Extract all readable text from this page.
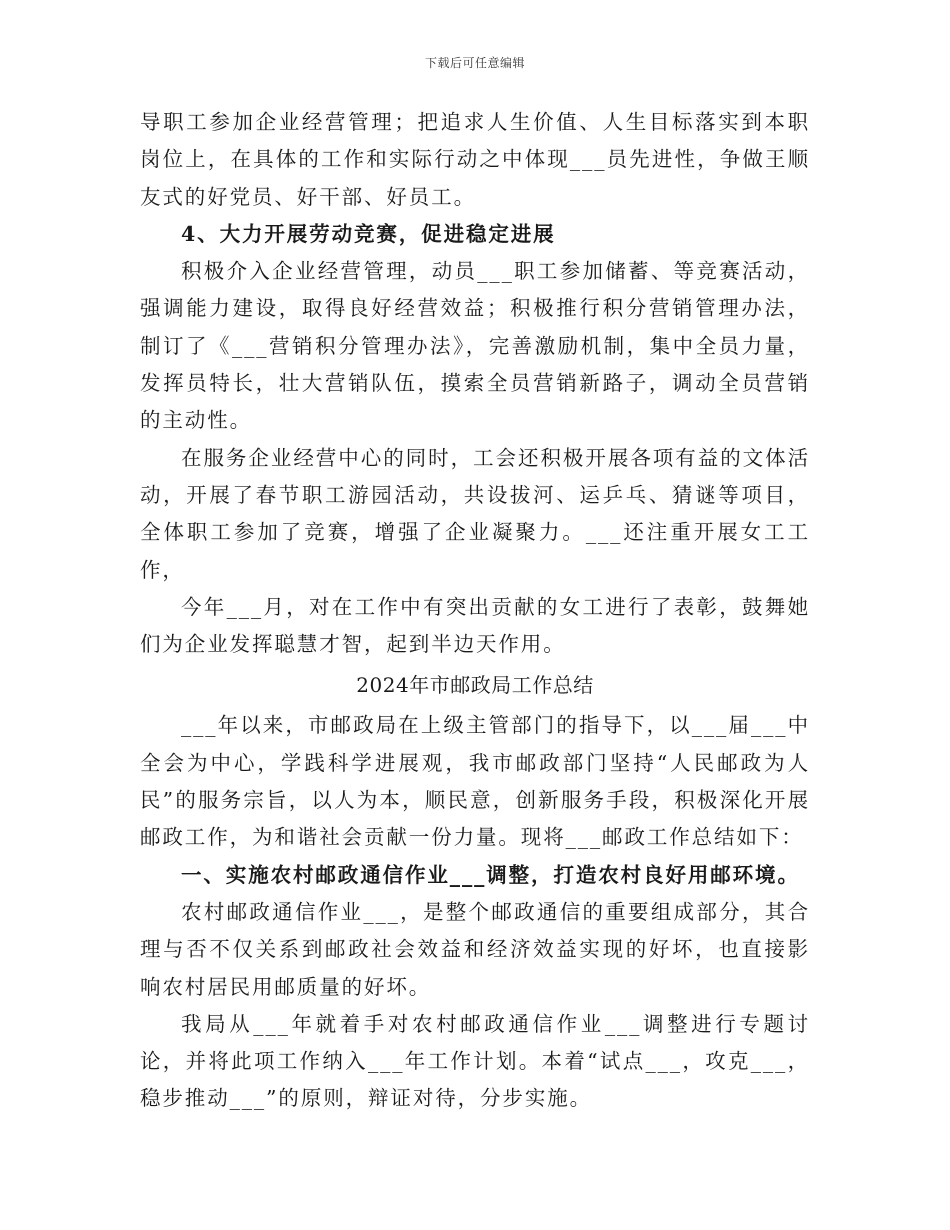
下载后可任意编辑

导职工参加企业经营管理；把追求人生价值、人生目标落实到本职岗位上，在具体的工作和实际行动之中体现___员先进性，争做王顺友式的好党员、好干部、好员工。

4、大力开展劳动竞赛，促进稳定进展

积极介入企业经营管理，动员___职工参加储蓄、等竞赛活动，强调能力建设，取得良好经营效益；积极推行积分营销管理办法，制订了《___营销积分管理办法》，完善激励机制，集中全员力量，发挥员特长，壮大营销队伍，摸索全员营销新路子，调动全员营销的主动性。

在服务企业经营中心的同时，工会还积极开展各项有益的文体活动，开展了春节职工游园活动，共设拔河、运乒乓、猜谜等项目，全体职工参加了竞赛，增强了企业凝聚力。___还注重开展女工工作，

今年___月，对在工作中有突出贡献的女工进行了表彰，鼓舞她们为企业发挥聪慧才智，起到半边天作用。

2024年市邮政局工作总结

___年以来，市邮政局在上级主管部门的指导下，以___届___中全会为中心，学践科学进展观，我市邮政部门坚持“人民邮政为人民”的服务宗旨，以人为本，顺民意，创新服务手段，积极深化开展邮政工作，为和谐社会贡献一份力量。现将___邮政工作总结如下：

一、实施农村邮政通信作业___调整，打造农村良好用邮环境。

农村邮政通信作业___，是整个邮政通信的重要组成部分，其合理与否不仅关系到邮政社会效益和经济效益实现的好坏，也直接影响农村居民用邮质量的好坏。

我局从___年就着手对农村邮政通信作业___调整进行专题讨论，并将此项工作纳入___年工作计划。本着“试点___，攻克___，稳步推动___”的原则，辩证对待，分步实施。
